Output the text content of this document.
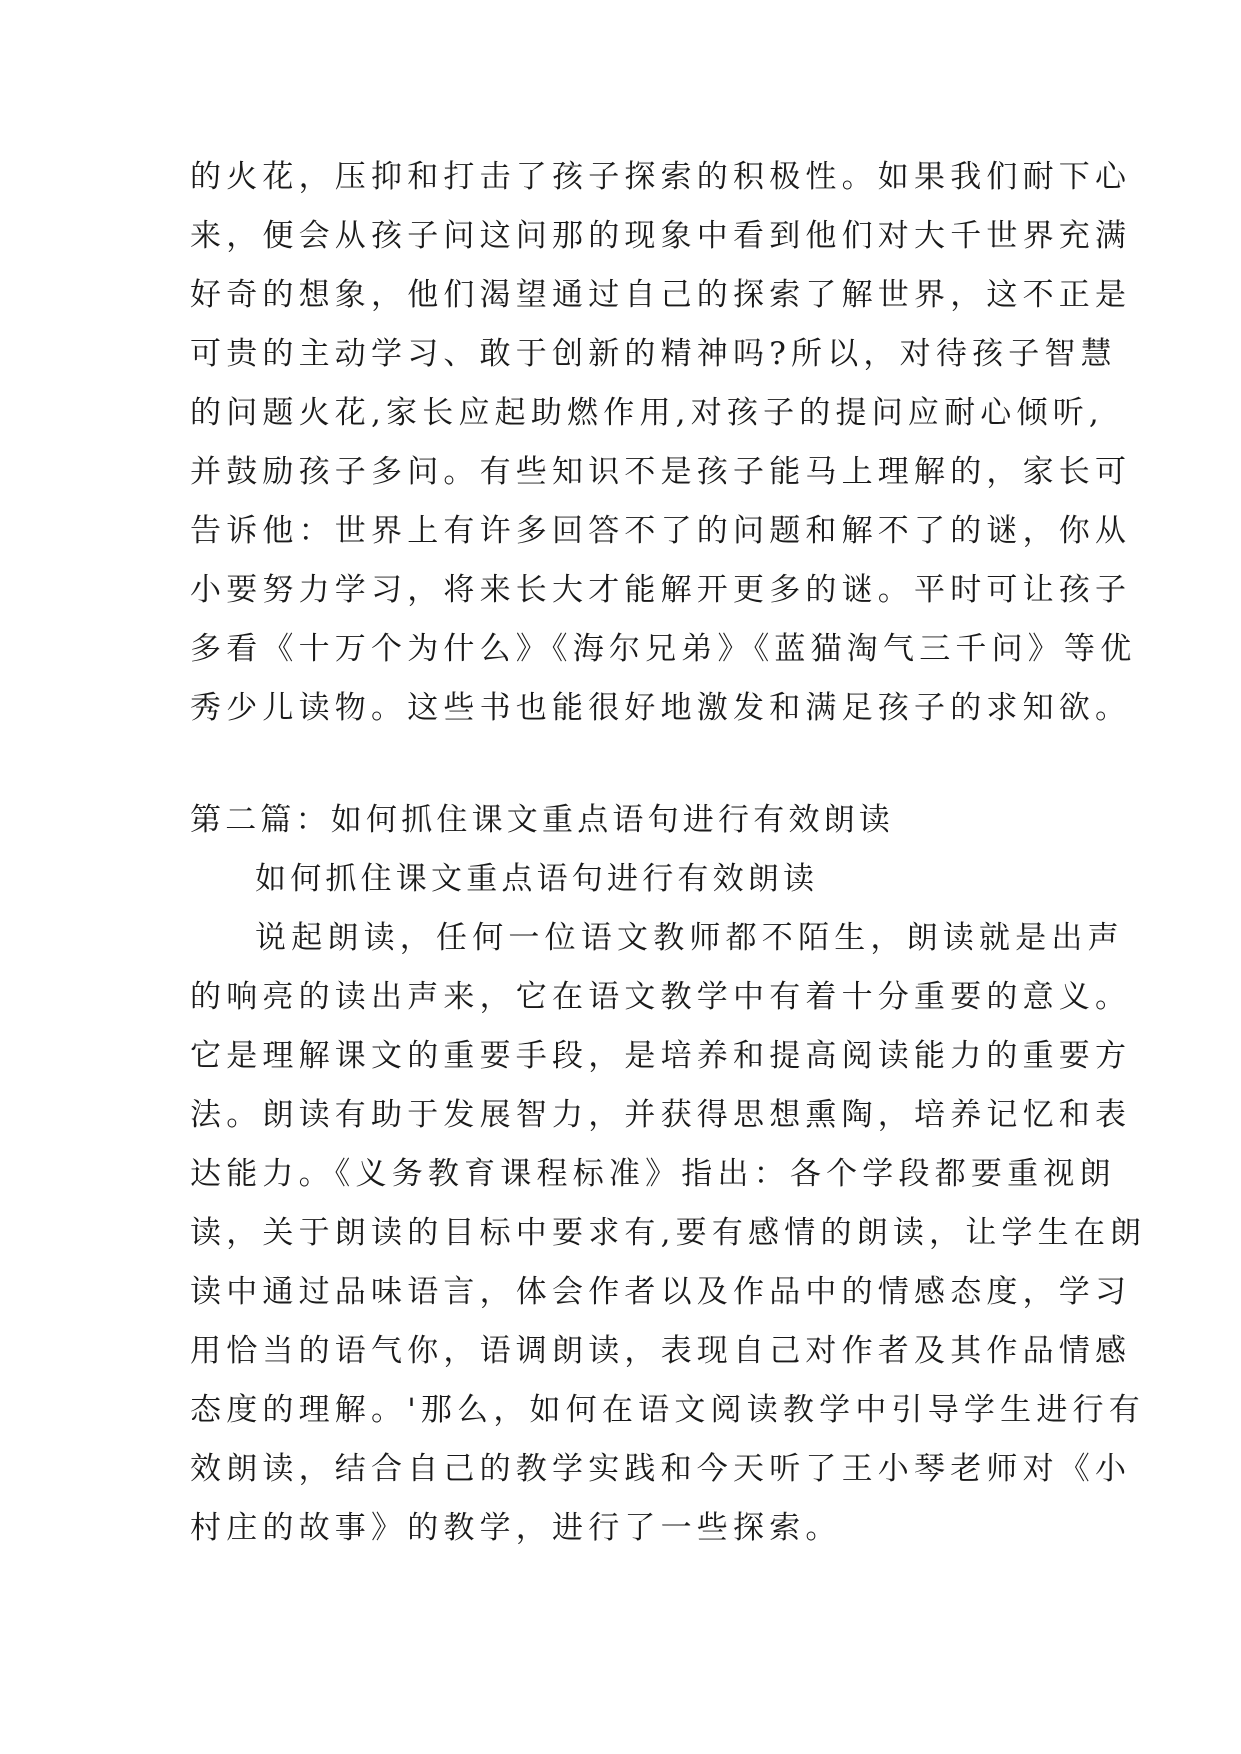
的火花，压抑和打击了孩子探索的积极性。如果我们耐下心
来，便会从孩子问这问那的现象中看到他们对大千世界充满
好奇的想象，他们渴望通过自己的探索了解世界，这不正是
可贵的主动学习、敢于创新的精神吗?所以，对待孩子智慧
的问题火花,家长应起助燃作用,对孩子的提问应耐心倾听,
并鼓励孩子多问。有些知识不是孩子能马上理解的，家长可
告诉他：世界上有许多回答不了的问题和解不了的谜，你从
小要努力学习，将来长大才能解开更多的谜。平时可让孩子
多看《十万个为什么》《海尔兄弟》《蓝猫淘气三千问》等优
秀少儿读物。这些书也能很好地激发和满足孩子的求知欲。
第二篇：如何抓住课文重点语句进行有效朗读
如何抓住课文重点语句进行有效朗读
说起朗读，任何一位语文教师都不陌生，朗读就是出声
的响亮的读出声来，它在语文教学中有着十分重要的意义。
它是理解课文的重要手段，是培养和提高阅读能力的重要方
法。朗读有助于发展智力，并获得思想熏陶，培养记忆和表
达能力。《义务教育课程标准》指出：各个学段都要重视朗
读，关于朗读的目标中要求有,要有感情的朗读，让学生在朗
读中通过品味语言，体会作者以及作品中的情感态度，学习
用恰当的语气你，语调朗读，表现自己对作者及其作品情感
态度的理解。'那么，如何在语文阅读教学中引导学生进行有
效朗读，结合自己的教学实践和今天听了王小琴老师对《小
村庄的故事》的教学，进行了一些探索。
